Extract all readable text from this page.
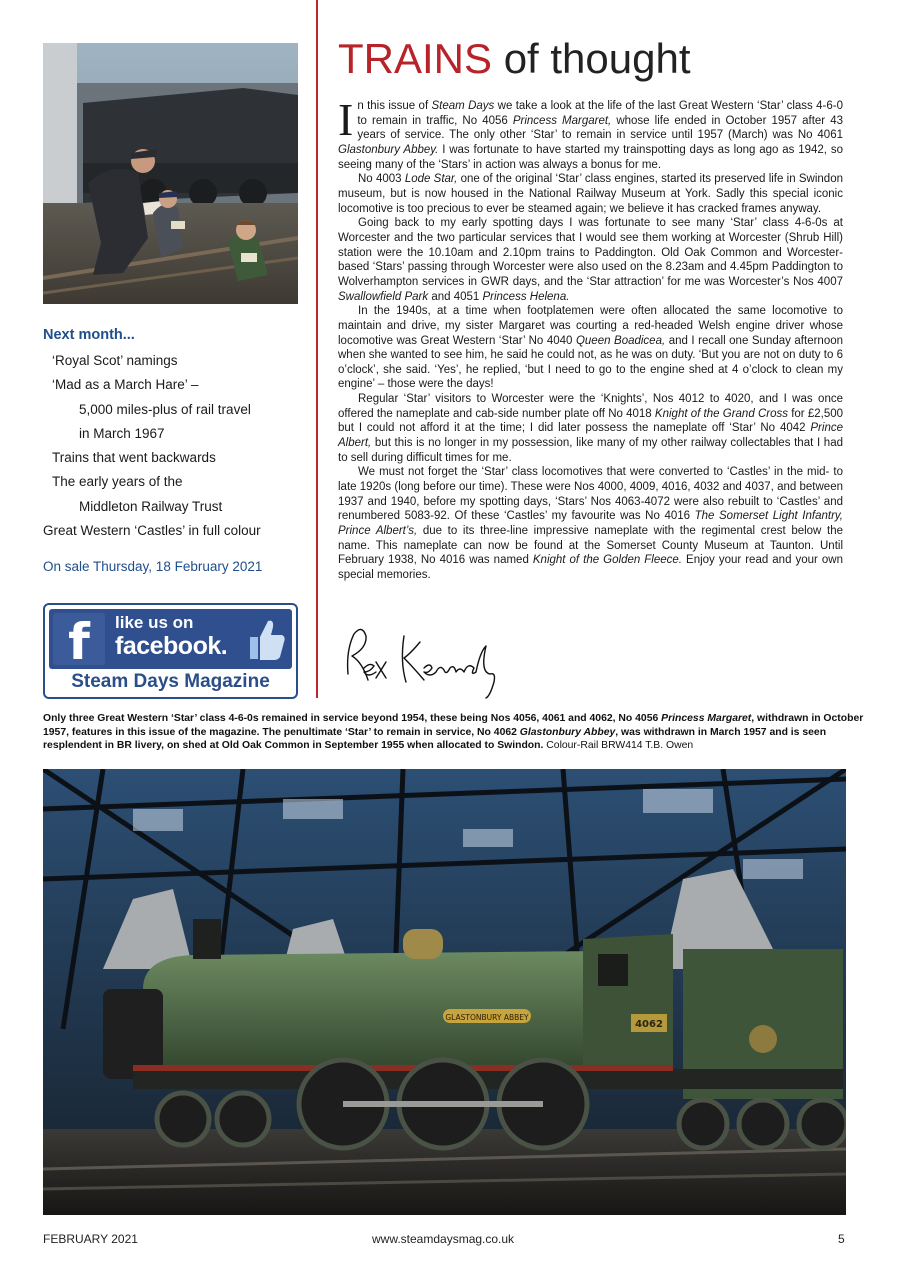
Next month...
‘Royal Scot’ namings
‘Mad as a March Hare’ –
5,000 miles-plus of rail travel
in March 1967
Trains that went backwards
The early years of the
Middleton Railway Trust
Great Western ‘Castles’ in full colour
On sale Thursday, 18 February 2021
f	like us on
facebook.
Steam Days Magazine
TRAINS of thought

In this issue of Steam Days we take a look at the life of the last Great Western ‘Star’ class 4-6-0 to remain in traffic, No 4056 Princess Margaret, whose life ended in October 1957 after 43 years of service. The only other ‘Star’ to remain in service until 1957 (March) was No 4061 Glastonbury Abbey. I was fortunate to have started my trainspotting days as long ago as 1942, so seeing many of the ‘Stars’ in action was always a bonus for me.

No 4003 Lode Star, one of the original ‘Star’ class engines, started its preserved life in Swindon museum, but is now housed in the National Railway Museum at York. Sadly this special iconic locomotive is too precious to ever be steamed again; we believe it has cracked frames anyway.

Going back to my early spotting days I was fortunate to see many ‘Star’ class 4-6-0s at Worcester and the two particular services that I would see them working at Worcester (Shrub Hill) station were the 10.10am and 2.10pm trains to Paddington. Old Oak Common and Worcester-based ‘Stars’ passing through Worcester were also used on the 8.23am and 4.45pm Paddington to Wolverhampton services in GWR days, and the ‘Star attraction’ for me was Worcester’s Nos 4007 Swallowfield Park and 4051 Princess Helena.

In the 1940s, at a time when footplatemen were often allocated the same locomotive to maintain and drive, my sister Margaret was courting a red-headed Welsh engine driver whose locomotive was Great Western ‘Star’ No 4040 Queen Boadicea, and I recall one Sunday afternoon when she wanted to see him, he said he could not, as he was on duty. ‘But you are not on duty to 6 o’clock’, she said. ‘Yes’, he replied, ‘but I need to go to the engine shed at 4 o’clock to clean my engine’ – those were the days!

Regular ‘Star’ visitors to Worcester were the ‘Knights’, Nos 4012 to 4020, and I was once offered the nameplate and cab-side number plate off No 4018 Knight of the Grand Cross for £2,500 but I could not afford it at the time; I did later possess the nameplate off ‘Star’ No 4042 Prince Albert, but this is no longer in my possession, like many of my other railway collectables that I had to sell during difficult times for me.

We must not forget the ‘Star’ class locomotives that were converted to ‘Castles’ in the mid- to late 1920s (long before our time). These were Nos 4000, 4009, 4016, 4032 and 4037, and between 1937 and 1940, before my spotting days, ‘Stars’ Nos 4063-4072 were also rebuilt to ‘Castles’ and renumbered 5083-92. Of these ‘Castles’ my favourite was No 4016 The Somerset Light Infantry, Prince Albert’s, due to its three-line impressive nameplate with the regimental crest below the name. This nameplate can now be found at the Somerset County Museum at Taunton. Until February 1938, No 4016 was named Knight of the Golden Fleece. Enjoy your read and your own special memories.

Only three Great Western ‘Star’ class 4-6-0s remained in service beyond 1954, these being Nos 4056, 4061 and 4062, No 4056 Princess Margaret, withdrawn in October 1957, features in this issue of the magazine. The penultimate ‘Star’ to remain in service, No 4062 Glastonbury Abbey, was withdrawn in March 1957 and is seen resplendent in BR livery, on shed at Old Oak Common in September 1955 when allocated to Swindon. Colour-Rail BRW414 T.B. Owen
GLASTONBURY ABBEY
4062
FEBRUARY 2021	www.steamdaysmag.co.uk	5
